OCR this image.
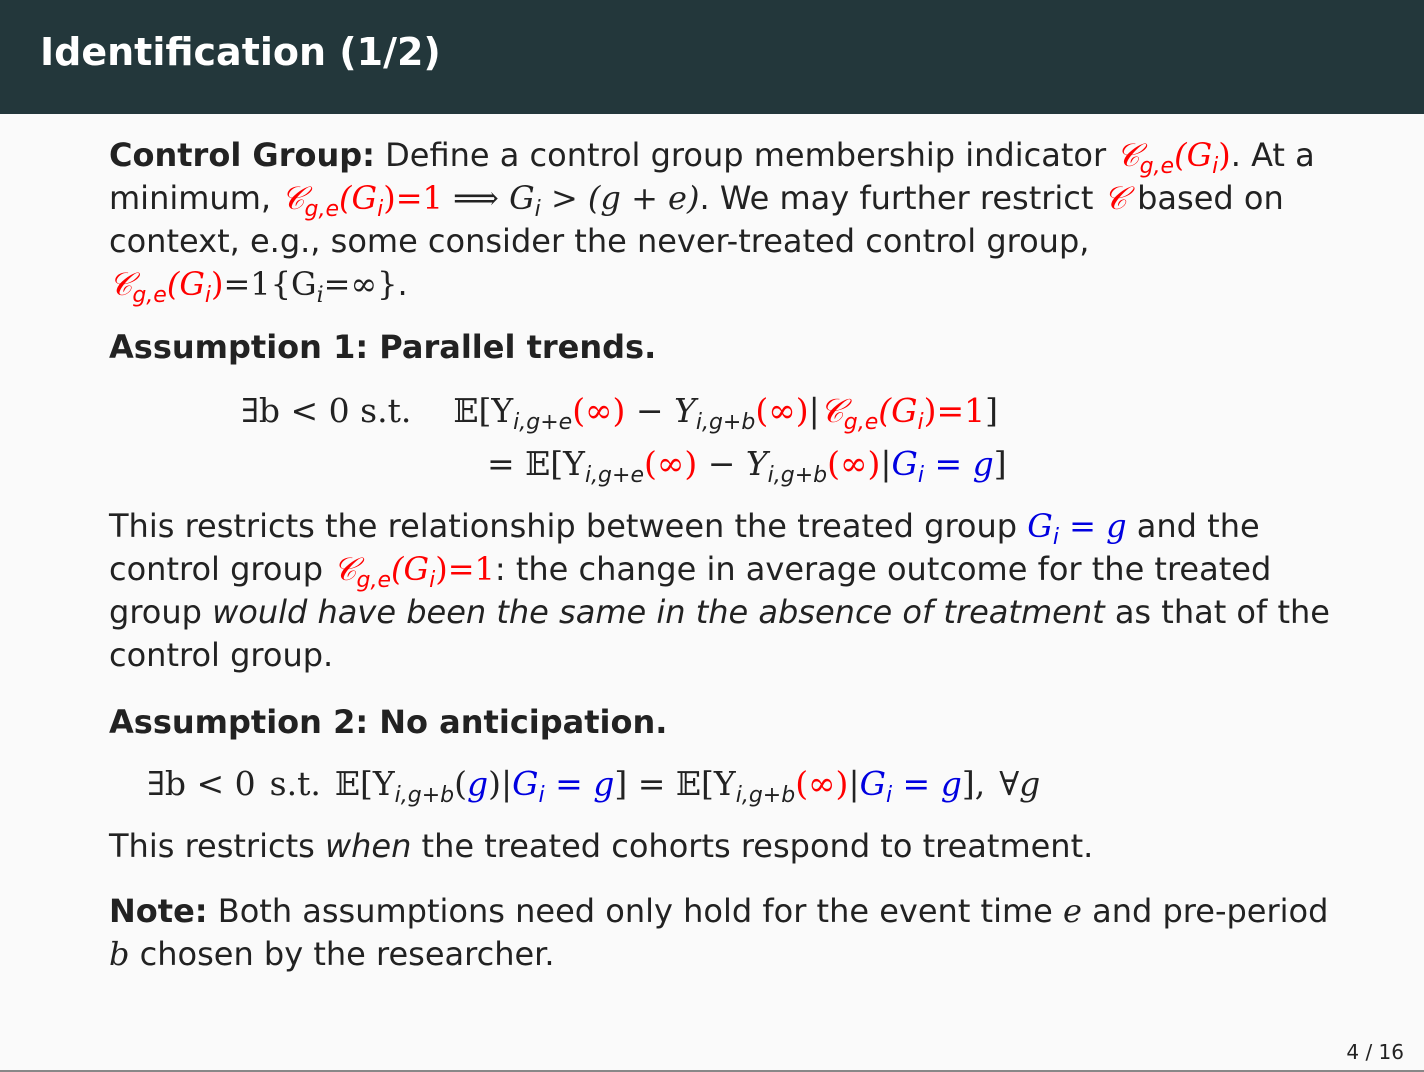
Identification (1/2)

Control Group: Define a control group membership indicator $𝒞_{g,e}(G_i)$. At a minimum, $𝒞_{g,e}(G_i)=1$ ⟹ $G_i > (g + e)$. We may further restrict 𝒞 based on context, e.g., some consider the never-treated control group, $𝒞_{g,e}(G_i)=1\{G_i=\infty\}$.

Assumption 1: Parallel trends.

∃b < 0 s.t. $𝔼[Y_{i,g+e}(\infty)$ − $Y_{i,g+b}(\infty)|𝒞_{g,e}(G_i)=1$]
= $𝔼[Y_{i,g+e}(\infty) - Y_{i,g+b}(\infty)|G_i = g]$

This restricts the relationship between the treated group $G_i = g$ and the control group $𝒞_{g,e}(G_i)=1$: the change in average outcome for the treated group would have been the same in the absence of treatment as that of the control group.

Assumption 2: No anticipation.

∃b < 0 s.t. $𝔼[Y_{i,g+b}(g)|G_i = g]$ = $𝔼[Y_{i,g+b}(\infty)|G_i = g]$, ∀g

This restricts when the treated cohorts respond to treatment.

Note: Both assumptions need only hold for the event time e and pre-period b chosen by the researcher.

4 / 16
